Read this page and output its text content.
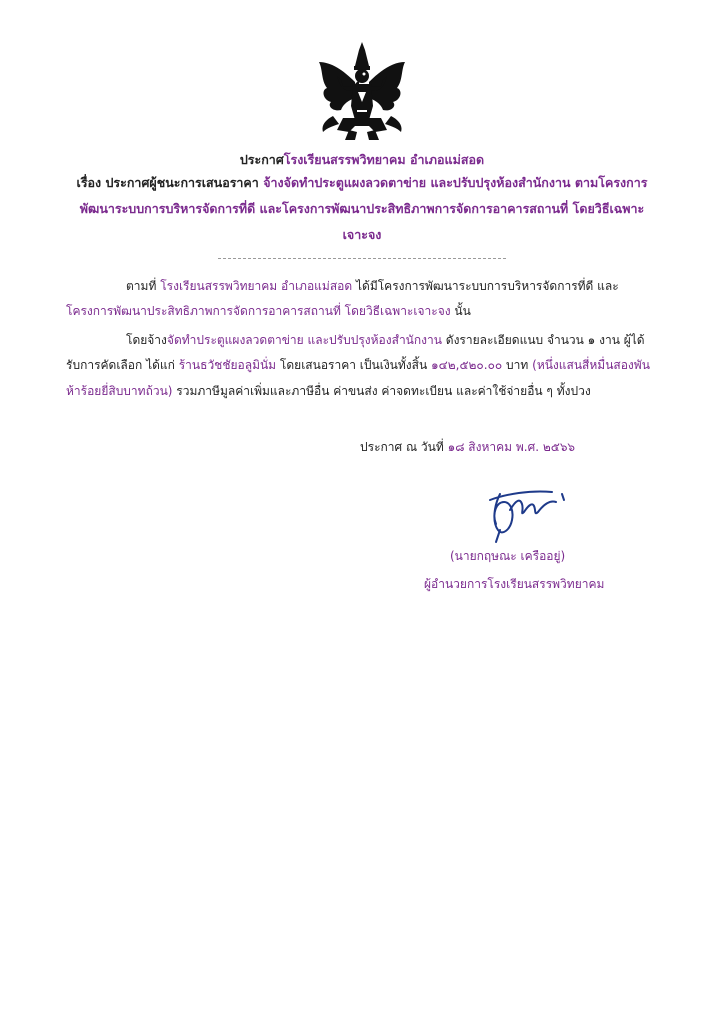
ประกาศโรงเรียนสรรพวิทยาคม อำเภอแม่สอด
เรื่อง ประกาศผู้ชนะการเสนอราคา จ้างจัดทำประตูแผงลวดตาข่าย และปรับปรุงห้องสำนักงาน ตามโครงการ
พัฒนาระบบการบริหารจัดการที่ดี และโครงการพัฒนาประสิทธิภาพการจัดการอาคารสถานที่ โดยวิธีเฉพาะ
เจาะจง
ตามที่ โรงเรียนสรรพวิทยาคม อำเภอแม่สอด ได้มีโครงการพัฒนาระบบการบริหารจัดการที่ดี และ
โครงการพัฒนาประสิทธิภาพการจัดการอาคารสถานที่ โดยวิธีเฉพาะเจาะจง นั้น
โดยจ้างจัดทำประตูแผงลวดตาข่าย และปรับปรุงห้องสำนักงาน ดังรายละเอียดแนบ จำนวน ๑ งาน ผู้ได้
รับการคัดเลือก ได้แก่ ร้านธวัชชัยอลูมินั่ม โดยเสนอราคา เป็นเงินทั้งสิ้น ๑๔๒,๕๒๐.๐๐ บาท (หนึ่งแสนสี่หมื่นสองพัน
ห้าร้อยยี่สิบบาทถ้วน) รวมภาษีมูลค่าเพิ่มและภาษีอื่น ค่าขนส่ง ค่าจดทะเบียน และค่าใช้จ่ายอื่น ๆ ทั้งปวง
ประกาศ ณ วันที่ ๑๘ สิงหาคม พ.ศ. ๒๕๖๖
(นายกฤษณะ เครืออยู่)
ผู้อำนวยการโรงเรียนสรรพวิทยาคม
